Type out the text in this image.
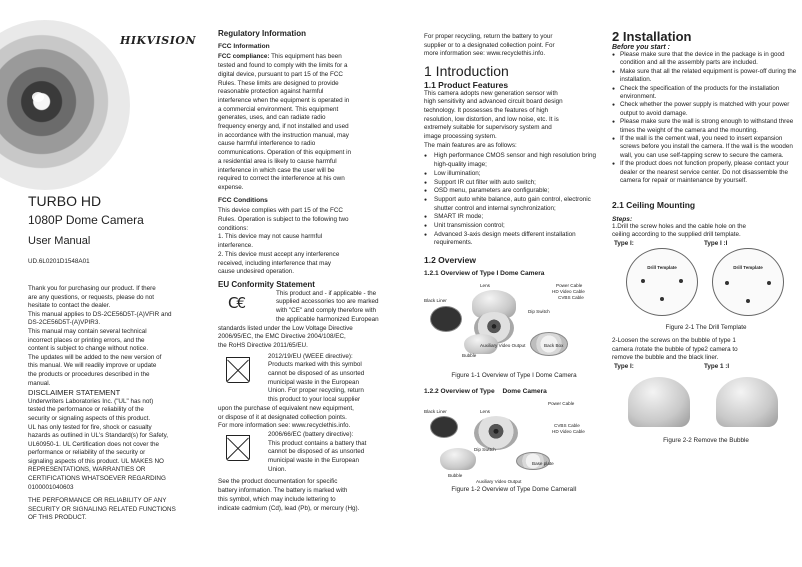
HIKVISION
TURBO HD
1080P Dome Camera
User Manual
UD.6L0201D1548A01
Thank you for purchasing our product. If there
are any questions, or requests, please do not
hesitate to contact the dealer.
This manual applies to DS-2CE56D5T-(A)VFIR and
DS-2CE56D5T-(A)VPIR3.
This manual may contain several technical
incorrect places or printing errors, and the
content is subject to change without notice.
The updates will be added to the new version of
this manual. We will readily improve or update
the products or procedures described in the
manual.

DISCLAIMER STATEMENT

Underwriters Laboratories Inc. ("UL" has not)
tested the performance or reliability of the
security or signaling aspects of this product.
UL has only tested for fire, shock or casualty
hazards as outlined in UL's Standard(s) for Safety,
UL60950-1. UL Certification does not cover the
performance or reliability of the security or
signaling aspects of this product. UL MAKES NO
REPRESENTATIONS, WARRANTIES OR
CERTIFICATIONS WHATSOEVER REGARDING
0100001040603
THE PERFORMANCE OR RELIABILITY OF ANY
SECURITY OR SIGNALING RELATED FUNCTIONS
OF THIS PRODUCT.
Regulatory Information
FCC Information
FCC compliance: This equipment has been
tested and found to comply with the limits for a
digital device, pursuant to part 15 of the FCC
Rules. These limits are designed to provide
reasonable protection against harmful
interference when the equipment is operated in
a commercial environment. This equipment
generates, uses, and can radiate radio
frequency energy and, if not installed and used
in accordance with the instruction manual, may
cause harmful interference to radio
communications. Operation of this equipment in
a residential area is likely to cause harmful
interference in which case the user will be
required to correct the interference at his own
expense.
FCC Conditions
This device complies with part 15 of the FCC
Rules. Operation is subject to the following two
conditions:
1. This device may not cause harmful
interference.
2. This device must accept any interference
received, including interference that may
cause undesired operation.
EU Conformity Statement
C€
This product and - if applicable - the
supplied accessories too are marked
with "CE" and comply therefore with
the applicable harmonized European
standards listed under the Low Voltage Directive
2006/95/EC, the EMC Directive 2004/108/EC,
the RoHS Directive 2011/65/EU.
2012/19/EU (WEEE directive):
Products marked with this symbol
cannot be disposed of as unsorted
municipal waste in the European
Union. For proper recycling, return
this product to your local supplier
upon the purchase of equivalent new equipment,
or dispose of it at designated collection points.
For more information see: www.recyclethis.info.
2006/66/EC (battery directive):
This product contains a battery that
cannot be disposed of as unsorted
municipal waste in the European
Union.
See the product documentation for specific
battery information. The battery is marked with
this symbol, which may include lettering to
indicate cadmium (Cd), lead (Pb), or mercury (Hg).
For proper recycling, return the battery to your
supplier or to a designated collection point. For
more information see: www.recyclethis.info.
1 Introduction
1.1 Product Features
This camera adopts new generation sensor with
high sensitivity and advanced circuit board design
technology. It possesses the features of high
resolution, low distortion, and low noise, etc. It is
extremely suitable for supervisory system and
image processing system.
The main features are as follows:
● High performance CMOS sensor and high resolution bring high-quality image;
● Low illumination;
● Support IR cut filter with auto switch;
● OSD menu, parameters are configurable;
● Support auto white balance, auto gain control, electronic shutter control and internal synchronization;
● SMART IR mode;
● Unit transmission control;
● Advanced 3-axis design meets different installation requirements.
1.2 Overview
1.2.1 Overview of Type I Dome Camera
Lens
Black Liner
Power Cable
HD Video Cable
CVBS Cable
Dip Switch
Auxiliary Video Output	Back Box
Bubble
Figure 1-1 Overview of Type I Dome Camera
1.2.2 Overview of Type Dome Camera
Power Cable
Black Liner	Lens
CVBS Cable
HD Video Cable
Dip Switch
Base plate
Bubble
Auxiliary Video Output
Figure 1-2 Overview of Type Dome CameraII
2 Installation
Before you start :
● Please make sure that the device in the package is in good condition and all the assembly parts are included.
● Make sure that all the related equipment is power-off during the installation.
● Check the specification of the products for the installation environment.
● Check whether the power supply is matched with your power output to avoid damage.
● Please make sure the wall is strong enough to withstand three times the weight of the camera and the mounting.
● If the wall is the cement wall, you need to insert expansion screws before you install the camera. If the wall is the wooden wall, you can use self-tapping screw to secure the camera.
● If the product does not function properly, please contact your dealer or the nearest service center. Do not disassemble the camera for repair or maintenance by yourself.
2.1 Ceiling Mounting
Steps:
1.Drill the screw holes and the cable hole on the
ceiling according to the supplied drill template.
Type I:	Type I :I
Drill Template	Drill Template
Figure 2-1 The Drill Template
2-Loosen the screws on the bubble of type 1
camera /rotate the bubble of type2 camera to
remove the bubble and the black liner.
Type I:	Type 1 :I
Figure 2-2 Remove the Bubble
